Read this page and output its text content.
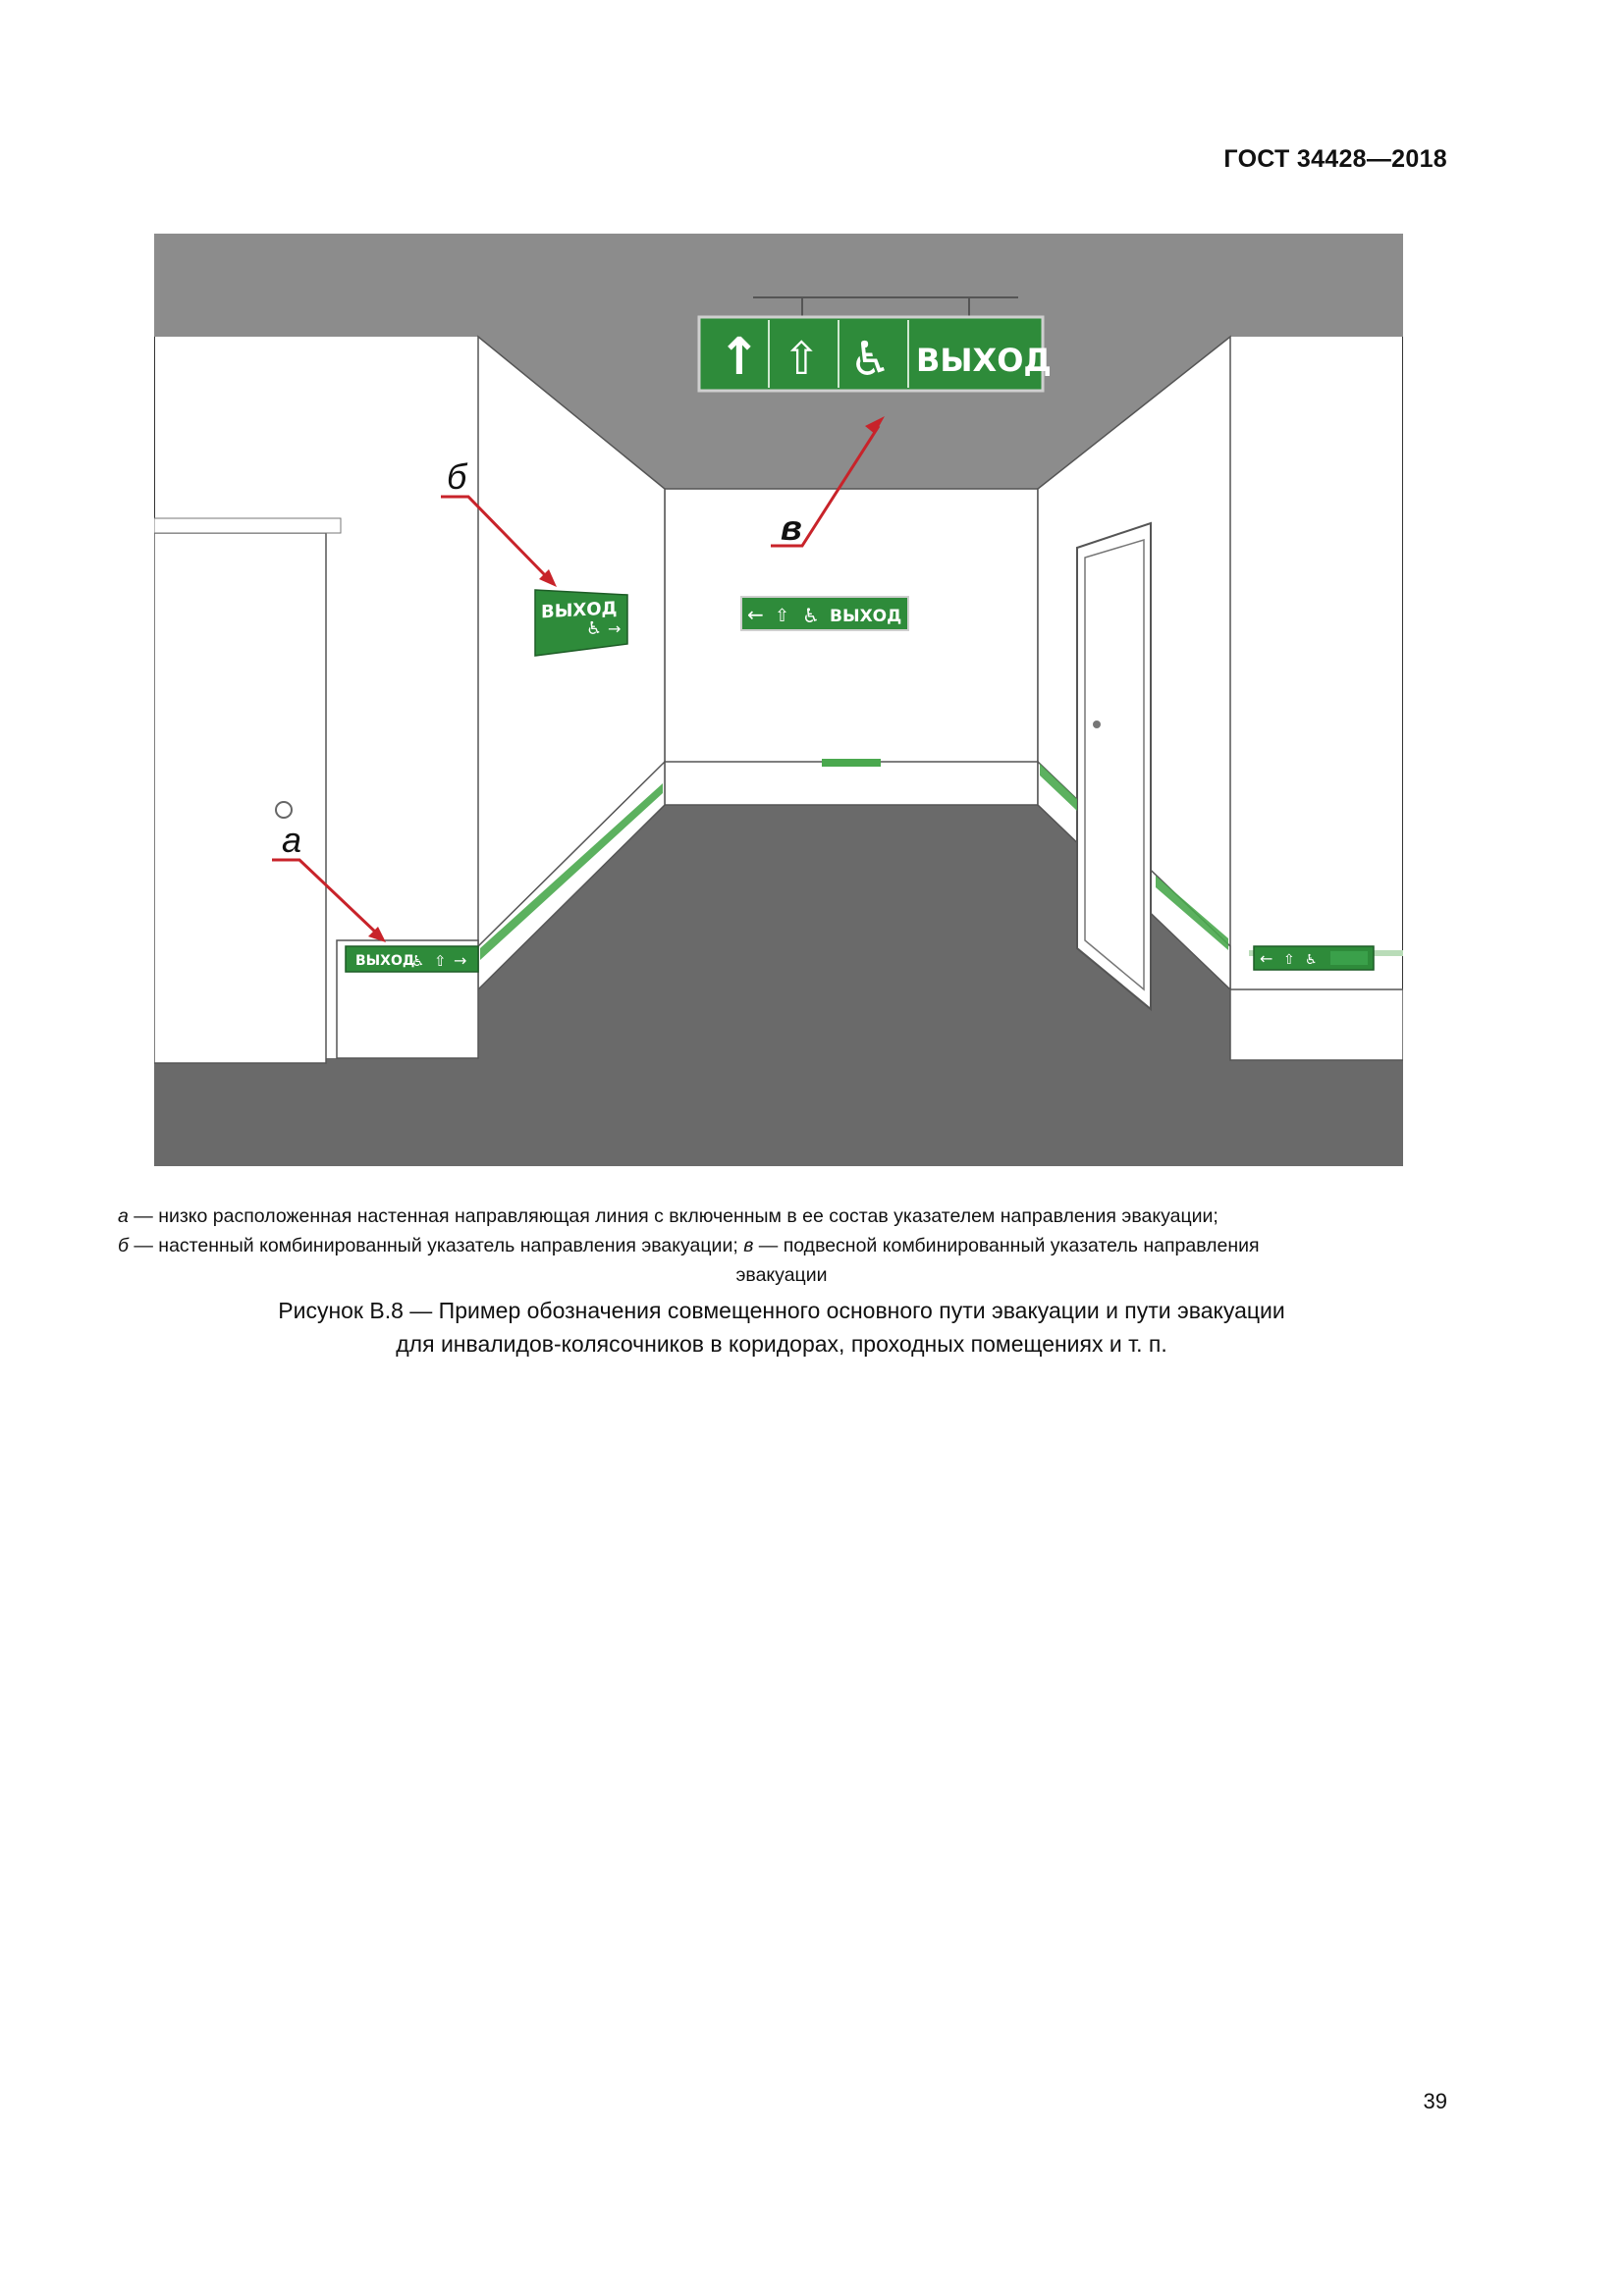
ГОСТ 34428—2018
ВЫХОД
♿ ⇧ →	← ⇧ ♿
↑ ⇧ ♿ ВЫХОД
ВЫХОД
♿ →
← ⇧ ♿ ВЫХОД
б
в
а
а — низко расположенная настенная направляющая линия с включенным в ее состав указателем направления эвакуации;
б — настенный комбинированный указатель направления эвакуации; в — подвесной комбинированный указатель направления
эвакуации
Рисунок В.8 — Пример обозначения совмещенного основного пути эвакуации и пути эвакуации
для инвалидов-колясочников в коридорах, проходных помещениях и т. п.
39
